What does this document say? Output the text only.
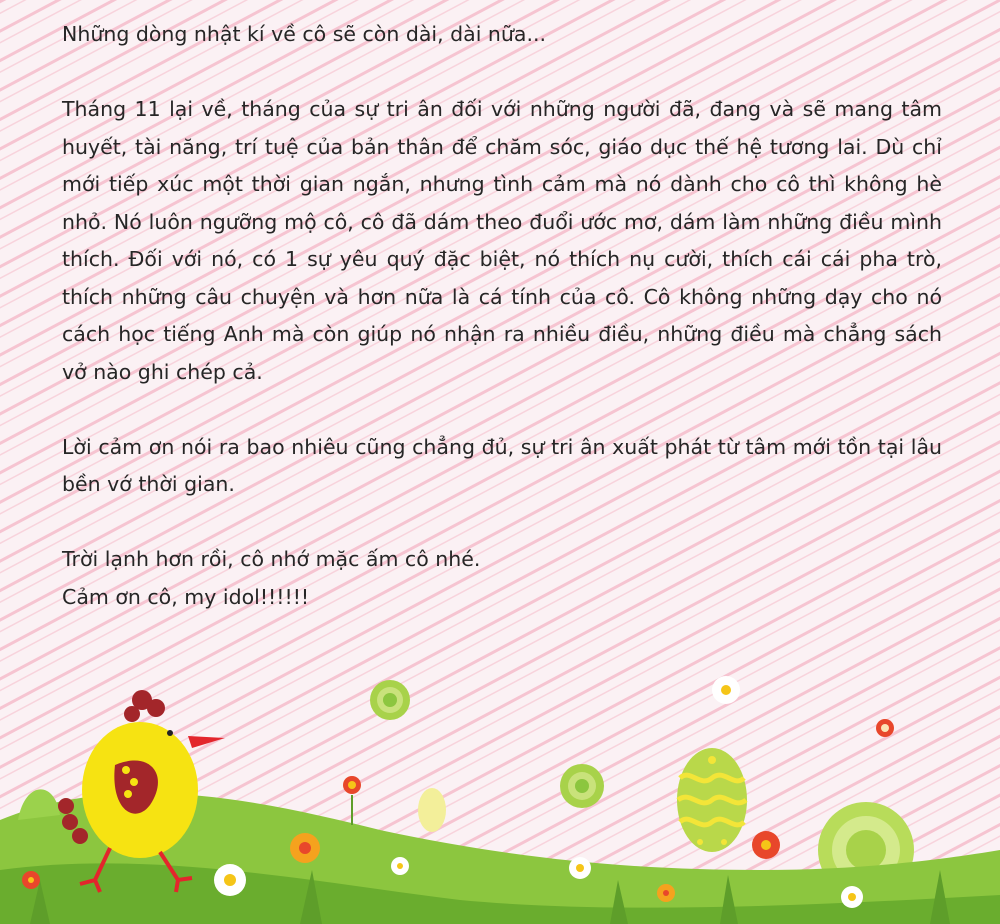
Những dòng nhật kí về cô sẽ còn dài, dài nữa...

Tháng 11 lại về, tháng của sự tri ân đối với những người đã, đang và sẽ mang tâm huyết, tài năng, trí tuệ của bản thân để chăm sóc, giáo dục thế hệ tương lai. Dù chỉ mới tiếp xúc một thời gian ngắn, nhưng tình cảm mà nó dành cho cô thì không hè nhỏ. Nó luôn ngưỡng mộ cô, cô đã dám theo đuổi ước mơ, dám làm những điều mình thích. Đối với nó, có 1 sự yêu quý đặc biệt, nó thích nụ cười, thích cái cái pha trò, thích những câu chuyện và hơn nữa là cá tính của cô. Cô không những dạy cho nó cách học tiếng Anh mà còn giúp nó nhận ra nhiều điều, những điều mà chẳng sách vở nào ghi chép cả.

Lời cảm ơn nói ra bao nhiêu cũng chẳng đủ, sự tri ân xuất phát từ tâm mới tồn tại lâu bền vớ thời gian.

Trời lạnh hơn rồi, cô nhớ mặc ấm cô nhé.
Cảm ơn cô, my idol!!!!!!
